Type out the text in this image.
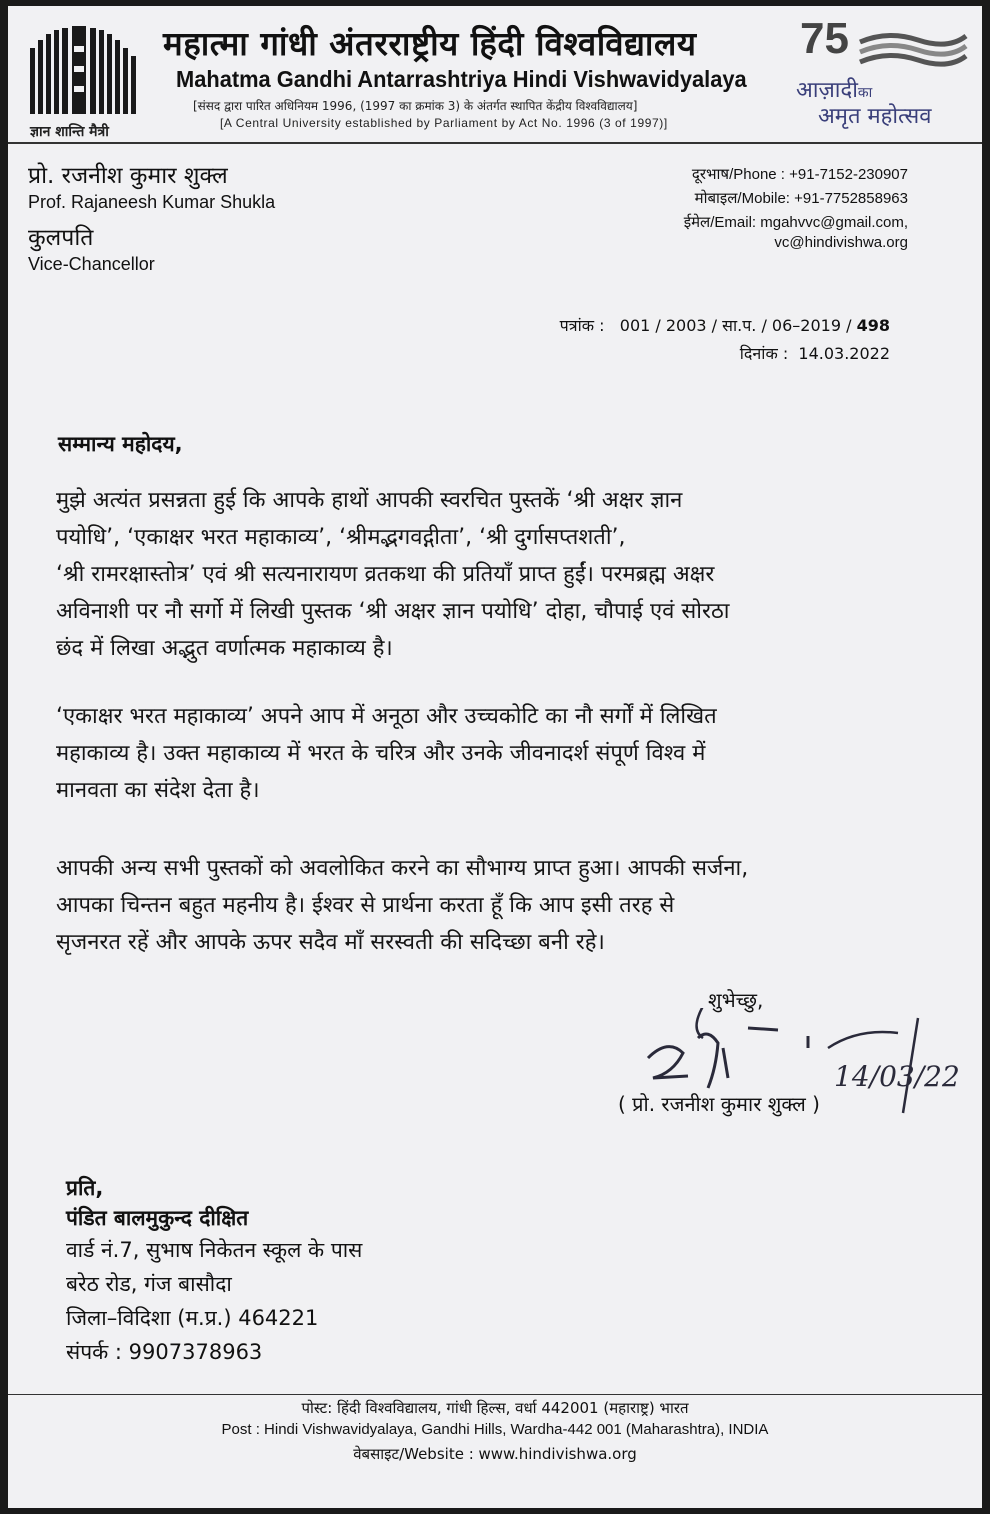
ज्ञान शान्ति मैत्री
महात्मा गांधी अंतरराष्ट्रीय हिंदी विश्वविद्यालय
Mahatma Gandhi Antarrashtriya Hindi Vishwavidyalaya
[संसद द्वारा पारित अधिनियम 1996, (1997 का क्रमांक 3) के अंतर्गत स्थापित केंद्रीय विश्वविद्यालय]
[A Central University established by Parliament by Act No. 1996 (3 of 1997)]
75
आज़ादीका
अमृत महोत्सव
प्रो. रजनीश कुमार शुक्ल
Prof. Rajaneesh Kumar Shukla
कुलपति
Vice-Chancellor
दूरभाष/Phone : +91-7152-230907
मोबाइल/Mobile: +91-7752858963
ईमेल/Email: mgahvvc@gmail.com,
vc@hindivishwa.org
पत्रांक : 001 / 2003 / सा.प. / 06–2019 / 498
दिनांक : 14.03.2022
सम्मान्य महोदय,
मुझे अत्यंत प्रसन्नता हुई कि आपके हाथों आपकी स्वरचित पुस्तकें ‘श्री अक्षर ज्ञान
पयोधि’, ‘एकाक्षर भरत महाकाव्य’, ‘श्रीमद्भगवद्गीता’, ‘श्री दुर्गासप्तशती’,
‘श्री रामरक्षास्तोत्र’ एवं श्री सत्यनारायण व्रतकथा की प्रतियाँ प्राप्त हुईं। परमब्रह्म अक्षर
अविनाशी पर नौ सर्गो में लिखी पुस्तक ‘श्री अक्षर ज्ञान पयोधि’ दोहा, चौपाई एवं सोरठा
छंद में लिखा अद्भुत वर्णात्मक महाकाव्य है।
‘एकाक्षर भरत महाकाव्य’ अपने आप में अनूठा और उच्चकोटि का नौ सर्गों में लिखित
महाकाव्य है। उक्त महाकाव्य में भरत के चरित्र और उनके जीवनादर्श संपूर्ण विश्व में
मानवता का संदेश देता है।
आपकी अन्य सभी पुस्तकों को अवलोकित करने का सौभाग्य प्राप्त हुआ। आपकी सर्जना,
आपका चिन्तन बहुत महनीय है। ईश्वर से प्रार्थना करता हूँ कि आप इसी तरह से
सृजनरत रहें और आपके ऊपर सदैव माँ सरस्वती की सदिच्छा बनी रहे।
शुभेच्छु,
14/03/22
( प्रो. रजनीश कुमार शुक्ल )
प्रति,
पंडित बालमुकुन्द दीक्षित
वार्ड नं.7, सुभाष निकेतन स्कूल के पास
बरेठ रोड, गंज बासौदा
जिला–विदिशा (म.प्र.) 464221
संपर्क : 9907378963
पोस्ट: हिंदी विश्वविद्यालय, गांधी हिल्स, वर्धा 442001 (महाराष्ट्र) भारत
Post : Hindi Vishwavidyalaya, Gandhi Hills, Wardha-442 001 (Maharashtra), INDIA
वेबसाइट/Website : www.hindivishwa.org
